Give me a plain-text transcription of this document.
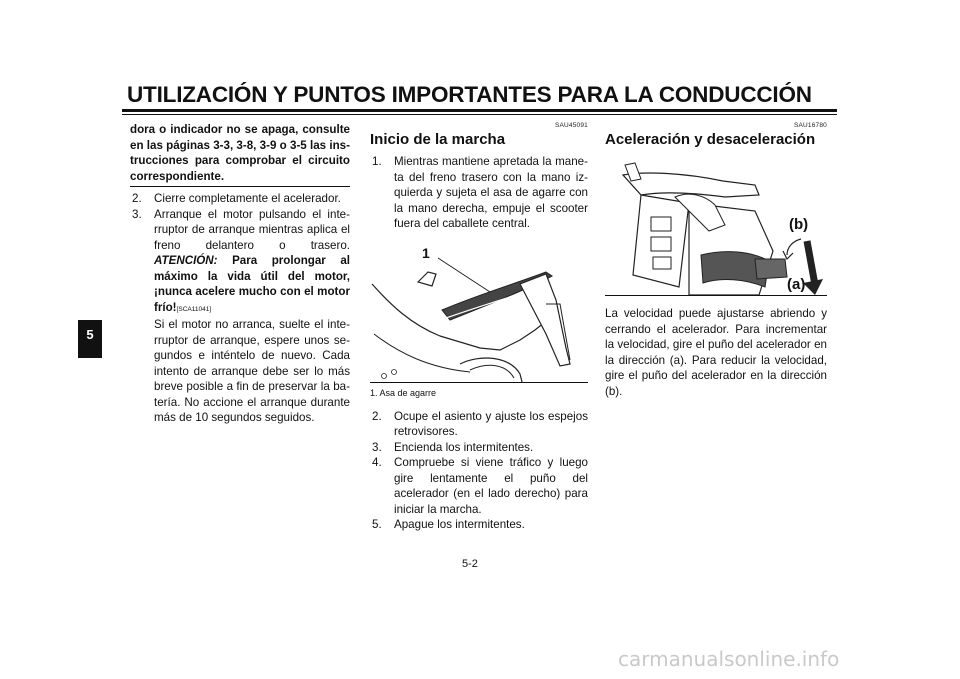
UTILIZACIÓN Y PUNTOS IMPORTANTES PARA LA CONDUCCIÓN
5
dora o indicador no se apaga, consulte en las páginas 3-3, 3-8, 3-9 o 3-5 las instrucciones para comprobar el circuito correspondiente.
2.	Cierre completamente el acelerador.
3.	Arranque el motor pulsando el interruptor de arranque mientras aplica el freno delantero o trasero. ATENCIÓN: Para prolongar al máximo la vida útil del motor, ¡nunca acelere mucho con el motor frío![SCA11041]
Si el motor no arranca, suelte el interruptor de arranque, espere unos segundos e inténtelo de nuevo. Cada intento de arranque debe ser lo más breve posible a fin de preservar la batería. No accione el arranque durante más de 10 segundos seguidos.
SAU45091
Inicio de la marcha
1.	Mientras mantiene apretada la maneta del freno trasero con la mano izquierda y sujeta el asa de agarre con la mano derecha, empuje el scooter fuera del caballete central.
1
1. Asa de agarre
2.	Ocupe el asiento y ajuste los espejos retrovisores.
3.	Encienda los intermitentes.
4.	Compruebe si viene tráfico y luego gire lentamente el puño del acelerador (en el lado derecho) para iniciar la marcha.
5.	Apague los intermitentes.
SAU16780
Aceleración y desaceleración
(b)
(a)
La velocidad puede ajustarse abriendo y cerrando el acelerador. Para incrementar la velocidad, gire el puño del acelerador en la dirección (a). Para reducir la velocidad, gire el puño del acelerador en la dirección (b).
5-2
carmanualsonline.info
